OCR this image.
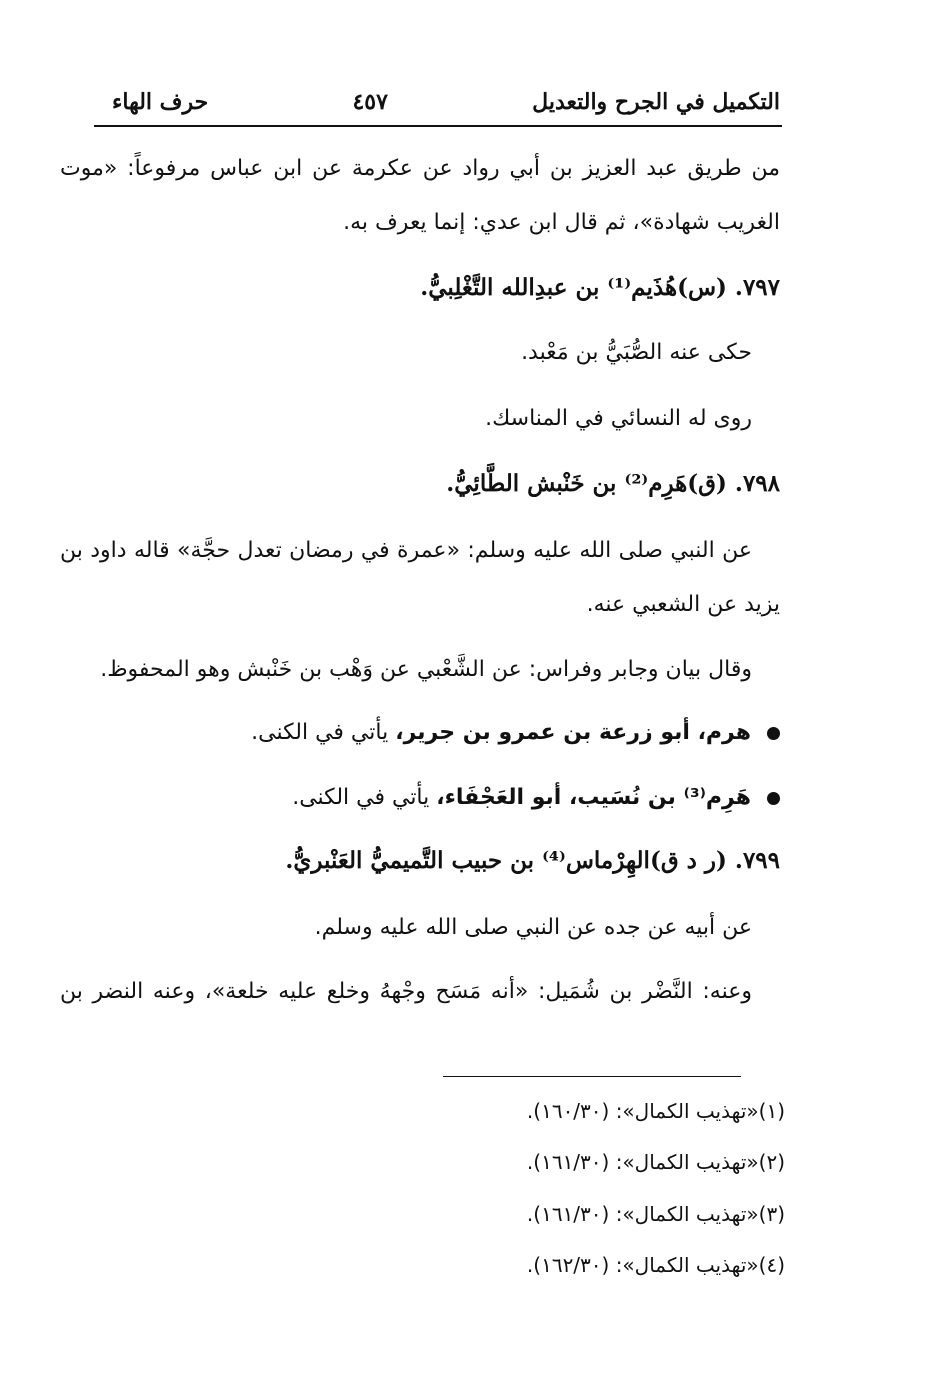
التكميل في الجرح والتعديل
٤٥٧
حرف الهاء
من طريق عبد العزيز بن أبي رواد عن عكرمة عن ابن عباس مرفوعاً: «موت
الغريب شهادة»، ثم قال ابن عدي: إنما يعرف به.
٧٩٧. (س)هُذَيم⁽¹⁾ بن عبدِالله التَّغْلِبيُّ.
حكى عنه الصُّبَيُّ بن مَعْبد.
روى له النسائي في المناسك.
٧٩٨. (ق)هَرِم⁽²⁾ بن خَنْبش الطَّائِيُّ.
عن النبي صلى الله عليه وسلم: «عمرة في رمضان تعدل حجَّة» قاله داود بن
يزيد عن الشعبي عنه.
وقال بيان وجابر وفراس: عن الشَّعْبي عن وَهْب بن خَنْبش وهو المحفوظ.
هرم، أبو زرعة بن عمرو بن جرير، يأتي في الكنى.
هَرِم⁽³⁾ بن نُسَيب، أبو العَجْفَاء، يأتي في الكنى.
٧٩٩. (ر د ق)الهِرْماس⁽⁴⁾ بن حبيب التَّميميُّ العَنْبريُّ.
عن أبيه عن جده عن النبي صلى الله عليه وسلم.
وعنه: النَّضْر بن شُمَيل: «أنه مَسَح وجْههُ وخلع عليه خلعة»، وعنه النضر بن
(١)«تهذيب الكمال»: (١٦٠/٣٠).
(٢)«تهذيب الكمال»: (١٦١/٣٠).
(٣)«تهذيب الكمال»: (١٦١/٣٠).
(٤)«تهذيب الكمال»: (١٦٢/٣٠).
